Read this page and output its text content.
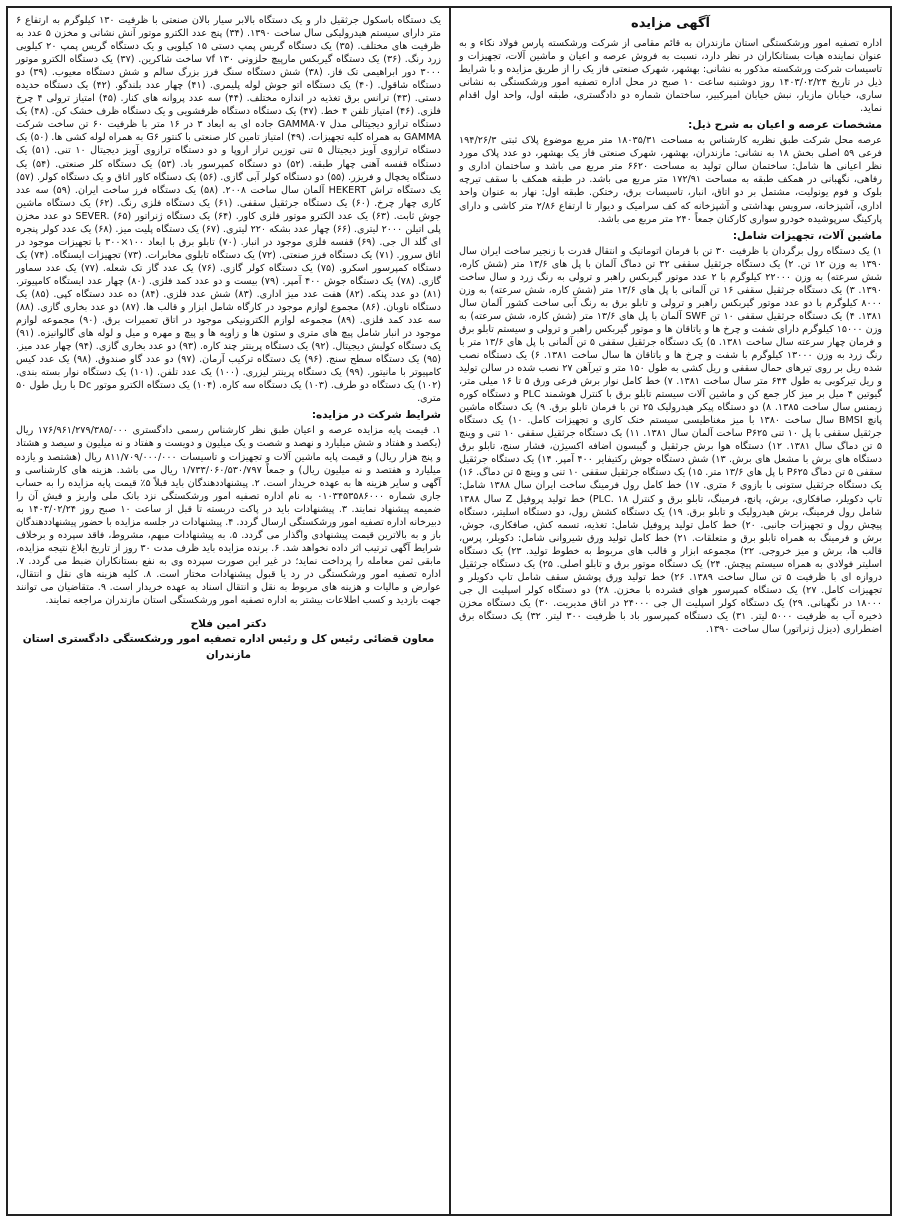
آگهی مزایده

اداره تصفیه امور ورشکستگی استان مازندران به قائم مقامی از شرکت ورشکسته پارس فولاد نکاء و به عنوان نماینده هیات بستانکاران در نظر دارد، نسبت به فروش عرصه و اعیان و ماشین آلات، تجهیزات و تاسیسات شرکت ورشکسته مذکور به نشانی: بهشهر، شهرک صنعتی فاز یک را از طریق مزایده و با شرایط ذیل در تاریخ ۱۴۰۳/۰۲/۲۴ روز دوشنبه ساعت ۱۰ صبح در محل اداره تصفیه امور ورشکستگی به نشانی ساری، خیابان مازیار، نبش خیابان امیرکبیر، ساختمان شماره دو دادگستری، طبقه اول، واحد اول اقدام نماید.

مشخصات عرصه و اعیان به شرح ذیل:

عرصه محل شرکت طبق نظریه کارشناس به مساحت ۱۸۰۳۵/۳۱ متر مربع موضوع پلاک ثبتی ۱۹۴/۲۶/۳ فرعی ۵۹ اصلی بخش ۱۸ به نشانی: مازندران، بهشهر، شهرک صنعتی فاز یک بهشهر، دو عدد پلاک مورد نظر اعیانی ها شامل: ساختمان سالن تولید به مساحت ۶۶۲۰ متر مربع می باشد و ساختمان اداری و رفاهی، نگهبانی در همکف طبقه به مساحت ۱۷۲/۹۱ متر مربع می باشد. در طبقه همکف با سقف تیرچه بلوک و فوم یونولیت، مشتمل بر دو اتاق، انبار، تاسیسات برق، رختکن. طبقه اول: نهار به عنوان واحد اداری، آشپزخانه، سرویس بهداشتی و آشپزخانه که کف سرامیک و دیوار تا ارتفاع ۲/۸۶ متر کاشی و دارای پارکینگ سرپوشیده خودرو سواری کارکنان جمعاً ۲۴۰ متر مربع می باشد.

ماشین آلات، تجهیزات شامل:

۱) یک دستگاه رول برگردان با ظرفیت ۳۰ تن با فرمان اتوماتیک و انتقال قدرت با زنجیر ساخت ایران سال ۱۳۹۰ به وزن ۱۲ تن. ۲) یک دستگاه جرثقیل سقفی ۳۲ تن دماگ آلمان با پل های ۱۳/۶ متر (شش کاره، شش سرعته) به وزن ۲۲۰۰۰ کیلوگرم با ۲ عدد موتور گیربکس راهبر و ترولی به رنگ زرد و سال ساخت ۱۳۹۰. ۳) یک دستگاه جرثقیل سقفی ۱۶ تن آلمانی با پل های ۱۳/۶ متر (شش کاره، شش سرعته) به وزن ۸۰۰۰ کیلوگرم با دو عدد موتور گیربکس راهبر و ترولی و تابلو برق به رنگ آبی ساخت کشور آلمان سال ۱۳۸۱. ۴) یک دستگاه جرثقیل سقفی ۱۰ تن SWF آلمان با پل های ۱۳/۶ متر (شش کاره، شش سرعته) به وزن ۱۵۰۰۰ کیلوگرم دارای شفت و چرخ ها و یاتاقان ها و موتور گیربکس راهبر و ترولی و سیستم تابلو برق و فرمان چهار سرعته سال ساخت ۱۳۸۱. ۵) یک دستگاه جرثقیل سقفی ۵ تن آلمانی با پل های ۱۳/۶ متر با رنگ زرد به وزن ۱۳۰۰۰ کیلوگرم با شفت و چرخ ها و یاتاقان ها سال ساخت ۱۳۸۱. ۶) یک دستگاه نصب شده ریل بر روی تیرهای حمال سقفی و ریل کشی به طول ۱۵۰ متر و تیرآهن ۲۷ نصب شده در سالن تولید و ریل تیرکوبی به طول ۶۴۴ متر سال ساخت ۱۳۸۱. ۷) خط کامل نوار برش فرعی ورق ۵ تا ۱۶ میلی متر، گیوتین ۴ میل بر میز کار جمع کن و ماشین آلات سیستم تابلو برق با کنترل هوشمند PLC و دستگاه کوره زیمنس سال ساخت ۱۳۸۵. ۸) دو دستگاه پیکر هیدرولیک ۲۵ تن با فرمان تابلو برق. ۹) یک دستگاه ماشین پانچ BMSI سال ساخت ۱۳۸۰ با میز مغناطیسی سیستم خنک کاری و تجهیزات کامل. ۱۰) یک دستگاه جرثقیل سقفی با پل ۱۰ تنی P۶۲۵ ساخت آلمان سال ۱۳۸۱. ۱۱) یک دستگاه جرثقیل سقفی ۱۰ تنی و وینچ ۵ تن دماگ سال ۱۳۸۱. ۱۲) دستگاه هوا برش جرثقیل و گیبسون اضافه اکسیژن، فشار سنج، تابلو برق دستگاه های برش با مشعل های برش. ۱۳) شش دستگاه جوش رکتیفایر ۴۰۰ آمپر. ۱۴) یک دستگاه جرثقیل سقفی ۵ تن دماگ P۶۲۵ با پل های ۱۳/۶ متر. ۱۵) یک دستگاه جرثقیل سقفی ۱۰ تنی و وینچ ۵ تن دماگ. ۱۶) یک دستگاه جرثقیل ستونی با بازوی ۶ متری. ۱۷) خط کامل رول فرمینگ ساخت ایران سال ۱۳۸۸ شامل: تاپ دکویلر، صافکاری، برش، پانچ، فرمینگ، تابلو برق و کنترل PLC. ۱۸) خط تولید پروفیل Z سال ۱۳۸۸ شامل رول فرمینگ، برش هیدرولیک و تابلو برق. ۱۹) یک دستگاه کشش رول، دو دستگاه اسلیتر، دستگاه پیچش رول و تجهیزات جانبی. ۲۰) خط کامل تولید پروفیل شامل: تغذیه، تسمه کش، صافکاری، جوش، برش و فرمینگ به همراه تابلو برق و متعلقات. ۲۱) خط کامل تولید ورق شیروانی شامل: دکویلر، پرس، قالب ها، برش و میز خروجی. ۲۲) مجموعه ابزار و قالب های مربوط به خطوط تولید. ۲۳) یک دستگاه اسلیتر فولادی به همراه سیستم پیچش. ۲۴) یک دستگاه موتور برق و تابلو اصلی. ۲۵) یک دستگاه جرثقیل دروازه ای با ظرفیت ۵ تن سال ساخت ۱۳۸۹. ۲۶) خط تولید ورق پوشش سقف شامل تاپ دکویلر و تجهیزات کامل. ۲۷) یک دستگاه کمپرسور هوای فشرده با مخزن. ۲۸) دو دستگاه کولر اسپلیت ال جی ۱۸۰۰۰ در نگهبانی. ۲۹) یک دستگاه کولر اسپلیت ال جی ۲۴۰۰۰ در اتاق مدیریت. ۳۰) یک دستگاه مخزن ذخیره آب به ظرفیت ۵۰۰۰ لیتر. ۳۱) یک دستگاه کمپرسور باد با ظرفیت ۳۰۰ لیتر. ۳۲) یک دستگاه برق اضطراری (دیزل ژنراتور) سال ساخت ۱۳۹۰.

یک دستگاه باسکول جرثقیل دار و یک دستگاه بالابر سیار بالان صنعتی با ظرفیت ۱۳۰ کیلوگرم به ارتفاع ۶ متر دارای سیستم هیدرولیکی سال ساخت ۱۳۹۰. (۳۴) پنج عدد الکترو موتور آنش نشانی و مخزن ۵ عدد به ظرفیت های مختلف. (۳۵) یک دستگاه گریس پمپ دستی ۱۵ کیلویی و یک دستگاه گریس پمپ ۲۰ کیلویی زرد رنگ. (۳۶) یک دستگاه گیربکس مارپیچ حلزونی ۱۳۰ vf ساخت شاکرین. (۳۷) یک دستگاه الکترو موتور ۳۰۰۰ دور ابراهیمی تک فاز. (۳۸) شش دستگاه سنگ فرز بزرگ سالم و شش دستگاه معیوب. (۳۹) دو دستگاه شاقول. (۴۰) یک دستگاه اتو جوش لوله پلیمری. (۴۱) چهار عدد بلندگو. (۴۲) یک دستگاه حدیده دستی. (۴۳) ترانس برق تغذیه در اندازه مختلف. (۴۴) سه عدد پروانه های کنار. (۴۵) امتیاز ترولی ۴ چرخ فلزی. (۴۶) امتیاز تلفن ۴ خط. (۴۷) یک دستگاه دستگاه ظرفشویی و یک دستگاه ظرف خشک کن. (۴۸) یک دستگاه ترازو دیجیتالی مدل GAMMA۰۷ جاده ای به ابعاد ۳ در ۱۶ متر با ظرفیت ۶۰ تن ساخت شرکت GAMMA به همراه کلیه تجهیزات. (۴۹) امتیاز تامین کار صنعتی با کنتور G۶ به همراه لوله کشی ها. (۵۰) یک دستگاه ترازوی آویز دیجیتال ۵ تنی توزین تراز اروپا و دو دستگاه ترازوی آویز دیجیتال ۱۰ تنی. (۵۱) یک دستگاه قفسه آهنی چهار طبقه. (۵۲) دو دستگاه کمپرسور باد. (۵۳) یک دستگاه کلر صنعتی. (۵۴) یک دستگاه یخچال و فریزر. (۵۵) دو دستگاه کولر آبی گازی. (۵۶) یک دستگاه کاور اتاق و یک دستگاه کولر. (۵۷) یک دستگاه تراش HEKERT آلمان سال ساخت ۲۰۰۸. (۵۸) یک دستگاه فرز ساخت ایران. (۵۹) سه عدد کاری چهار چرخ. (۶۰) یک دستگاه جرثقیل سقفی. (۶۱) یک دستگاه فلزی رنگ. (۶۲) یک دستگاه ماشین جوش ثابت. (۶۳) یک عدد الکترو موتور فلزی کاور. (۶۴) یک دستگاه ژنراتور SEVER. (۶۵) دو عدد مخزن پلی اتیلن ۲۰۰۰ لیتری. (۶۶) چهار عدد بشکه ۲۲۰ لیتری. (۶۷) یک دستگاه پلیت میز. (۶۸) یک عدد کولر پنجره ای گلد ال جی. (۶۹) قفسه فلزی موجود در انبار. (۷۰) تابلو برق با ابعاد ۱۰۰×۳۰۰ با تجهیزات موجود در اتاق سرور. (۷۱) یک دستگاه فرز صنعتی. (۷۲) یک دستگاه تابلوی مخابرات. (۷۳) تجهیزات ایستگاه. (۷۴) یک دستگاه کمپرسور اسکرو. (۷۵) یک دستگاه کولر گازی. (۷۶) یک عدد گاز تک شعله. (۷۷) یک عدد سماور گازی. (۷۸) یک دستگاه جوش ۴۰۰ آمپر. (۷۹) بیست و دو عدد کمد فلزی. (۸۰) چهار عدد ایستگاه کامپیوتر. (۸۱) دو عدد پنکه. (۸۲) هفت عدد میز اداری. (۸۳) شش عدد فلزی. (۸۴) ده عدد دستگاه کپی. (۸۵) یک دستگاه ناوبان. (۸۶) مجموع لوازم موجود در کارگاه شامل ابزار و قالب ها. (۸۷) دو عدد بخاری گازی. (۸۸) سه عدد کمد فلزی. (۸۹) مجموعه لوازم الکترونیکی موجود در اتاق تعمیرات برق. (۹۰) مجموعه لوازم موجود در انبار شامل پیچ های متری و ستون ها و زاویه ها و پیچ و مهره و میل و لوله های گالوانیزه. (۹۱) یک دستگاه کولبش دیجیتال. (۹۲) یک دستگاه پرینتر چند کاره. (۹۳) دو عدد بخاری گازی. (۹۴) چهار عدد میز. (۹۵) یک دستگاه سطح سنج. (۹۶) یک دستگاه ترکیب آرمان. (۹۷) دو عدد گاو صندوق. (۹۸) یک عدد کیس کامپیوتر با مانیتور. (۹۹) یک دستگاه پرینتر لیزری. (۱۰۰) یک عدد تلفن. (۱۰۱) یک دستگاه نوار بسته بندی. (۱۰۲) یک دستگاه دو طرف. (۱۰۳) یک دستگاه سه کاره. (۱۰۴) یک دستگاه الکترو موتور Dc با ریل طول ۵۰ متری.

شرایط شرکت در مزایده:

۱. قیمت پایه مزایده عرصه و اعیان طبق نظر کارشناس رسمی دادگستری ۱۷۶/۹۶۱/۲۷۹/۳۸۵/۰۰۰ ریال (یکصد و هفتاد و شش میلیارد و نهصد و شصت و یک میلیون و دویست و هفتاد و نه میلیون و سیصد و هشتاد و پنج هزار ریال) و قیمت پایه ماشین آلات و تجهیزات و تاسیسات ۸۱۱/۷۰۹/۰۰۰/۰۰۰ ریال (هشتصد و یازده میلیارد و هفتصد و نه میلیون ریال) و جمعاً ۱/۷۳۳/۰۶۰/۵۳۰/۷۹۷ ریال می باشد. هزینه های کارشناسی و آگهی و سایر هزینه ها به عهده خریدار است. ۲. پیشنهاددهندگان باید قبلاً ۵٪ قیمت پایه مزایده را به حساب جاری شماره ۰۱۰۳۴۵۳۵۸۶۰۰۰ به نام اداره تصفیه امور ورشکستگی نزد بانک ملی واریز و فیش آن را ضمیمه پیشنهاد نمایند. ۳. پیشنهادات باید در پاکت دربسته تا قبل از ساعت ۱۰ صبح روز ۱۴۰۳/۰۲/۲۴ به دبیرخانه اداره تصفیه امور ورشکستگی ارسال گردد. ۴. پیشنهادات در جلسه مزایده با حضور پیشنهاددهندگان باز و به بالاترین قیمت پیشنهادی واگذار می گردد. ۵. به پیشنهادات مبهم، مشروط، فاقد سپرده و برخلاف شرایط آگهی ترتیب اثر داده نخواهد شد. ۶. برنده مزایده باید ظرف مدت ۳۰ روز از تاریخ ابلاغ نتیجه مزایده، مابقی ثمن معامله را پرداخت نماید؛ در غیر این صورت سپرده وی به نفع بستانکاران ضبط می گردد. ۷. اداره تصفیه امور ورشکستگی در رد یا قبول پیشنهادات مختار است. ۸. کلیه هزینه های نقل و انتقال، عوارض و مالیات و هزینه های مربوط به نقل و انتقال اسناد به عهده خریدار است. ۹. متقاضیان می توانند جهت بازدید و کسب اطلاعات بیشتر به اداره تصفیه امور ورشکستگی استان مازندران مراجعه نمایند.

دکتر امین فلاح
معاون قضائی رئیس کل و رئیس اداره تصفیه امور ورشکستگی دادگستری استان مازندران
